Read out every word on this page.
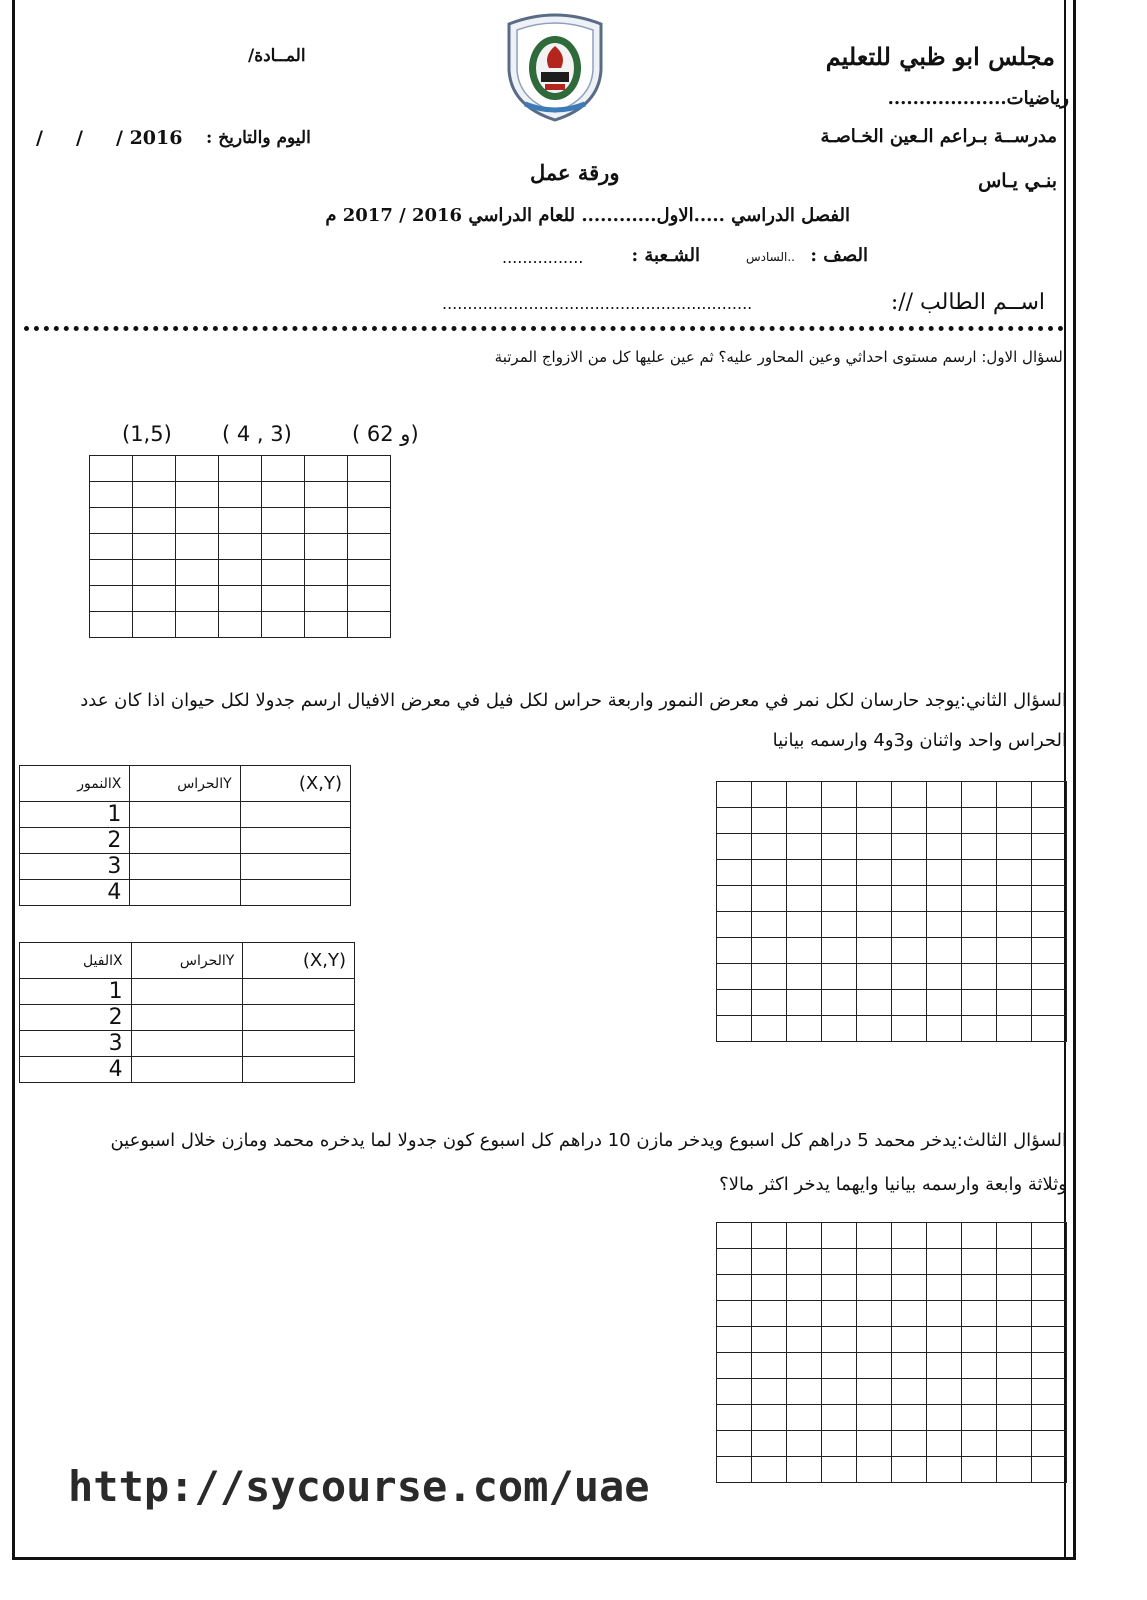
مجلس ابو ظبي للتعليم
رياضيات...................
مدرســة بـراعم الـعين الخـاصـة
بنـي يـاس
المــادة/
اليوم والتاريخ :
/     /     / 2016
ورقة عمل
الفصل الدراسي .....الاول............ للعام الدراسي 2016 / 2017 م
الصف :
..السادس
الشـعبة :
................
اســم الطالب //:
.............................................................
السؤال الاول: ارسم مستوى احداثي وعين المحاور عليه؟ ثم عين عليها كل من الازواج المرتبة
(1,5) ( 4 , 3)	( 6و 2)

السؤال الثاني:يوجد حارسان لكل نمر في معرض النمور واربعة حراس لكل فيل في معرض الافيال ارسم جدولا لكل حيوان اذا كان عدد
الحراس واحد واثنان و3و4 وارسمه بيانيا
Xالنمور	Yالحراس	(X,Y)
1		
2		
3		
4		
Xالفيل	Yالحراس	(X,Y)
1		
2		
3		
4		

السؤال الثالث:يدخر محمد 5 دراهم كل اسبوع ويدخر مازن 10 دراهم كل اسبوع كون جدولا لما يدخره محمد ومازن خلال اسبوعين
وثلاثة وابعة وارسمه بيانيا وايهما يدخر اكثر مالا؟

http://sycourse.com/uae
